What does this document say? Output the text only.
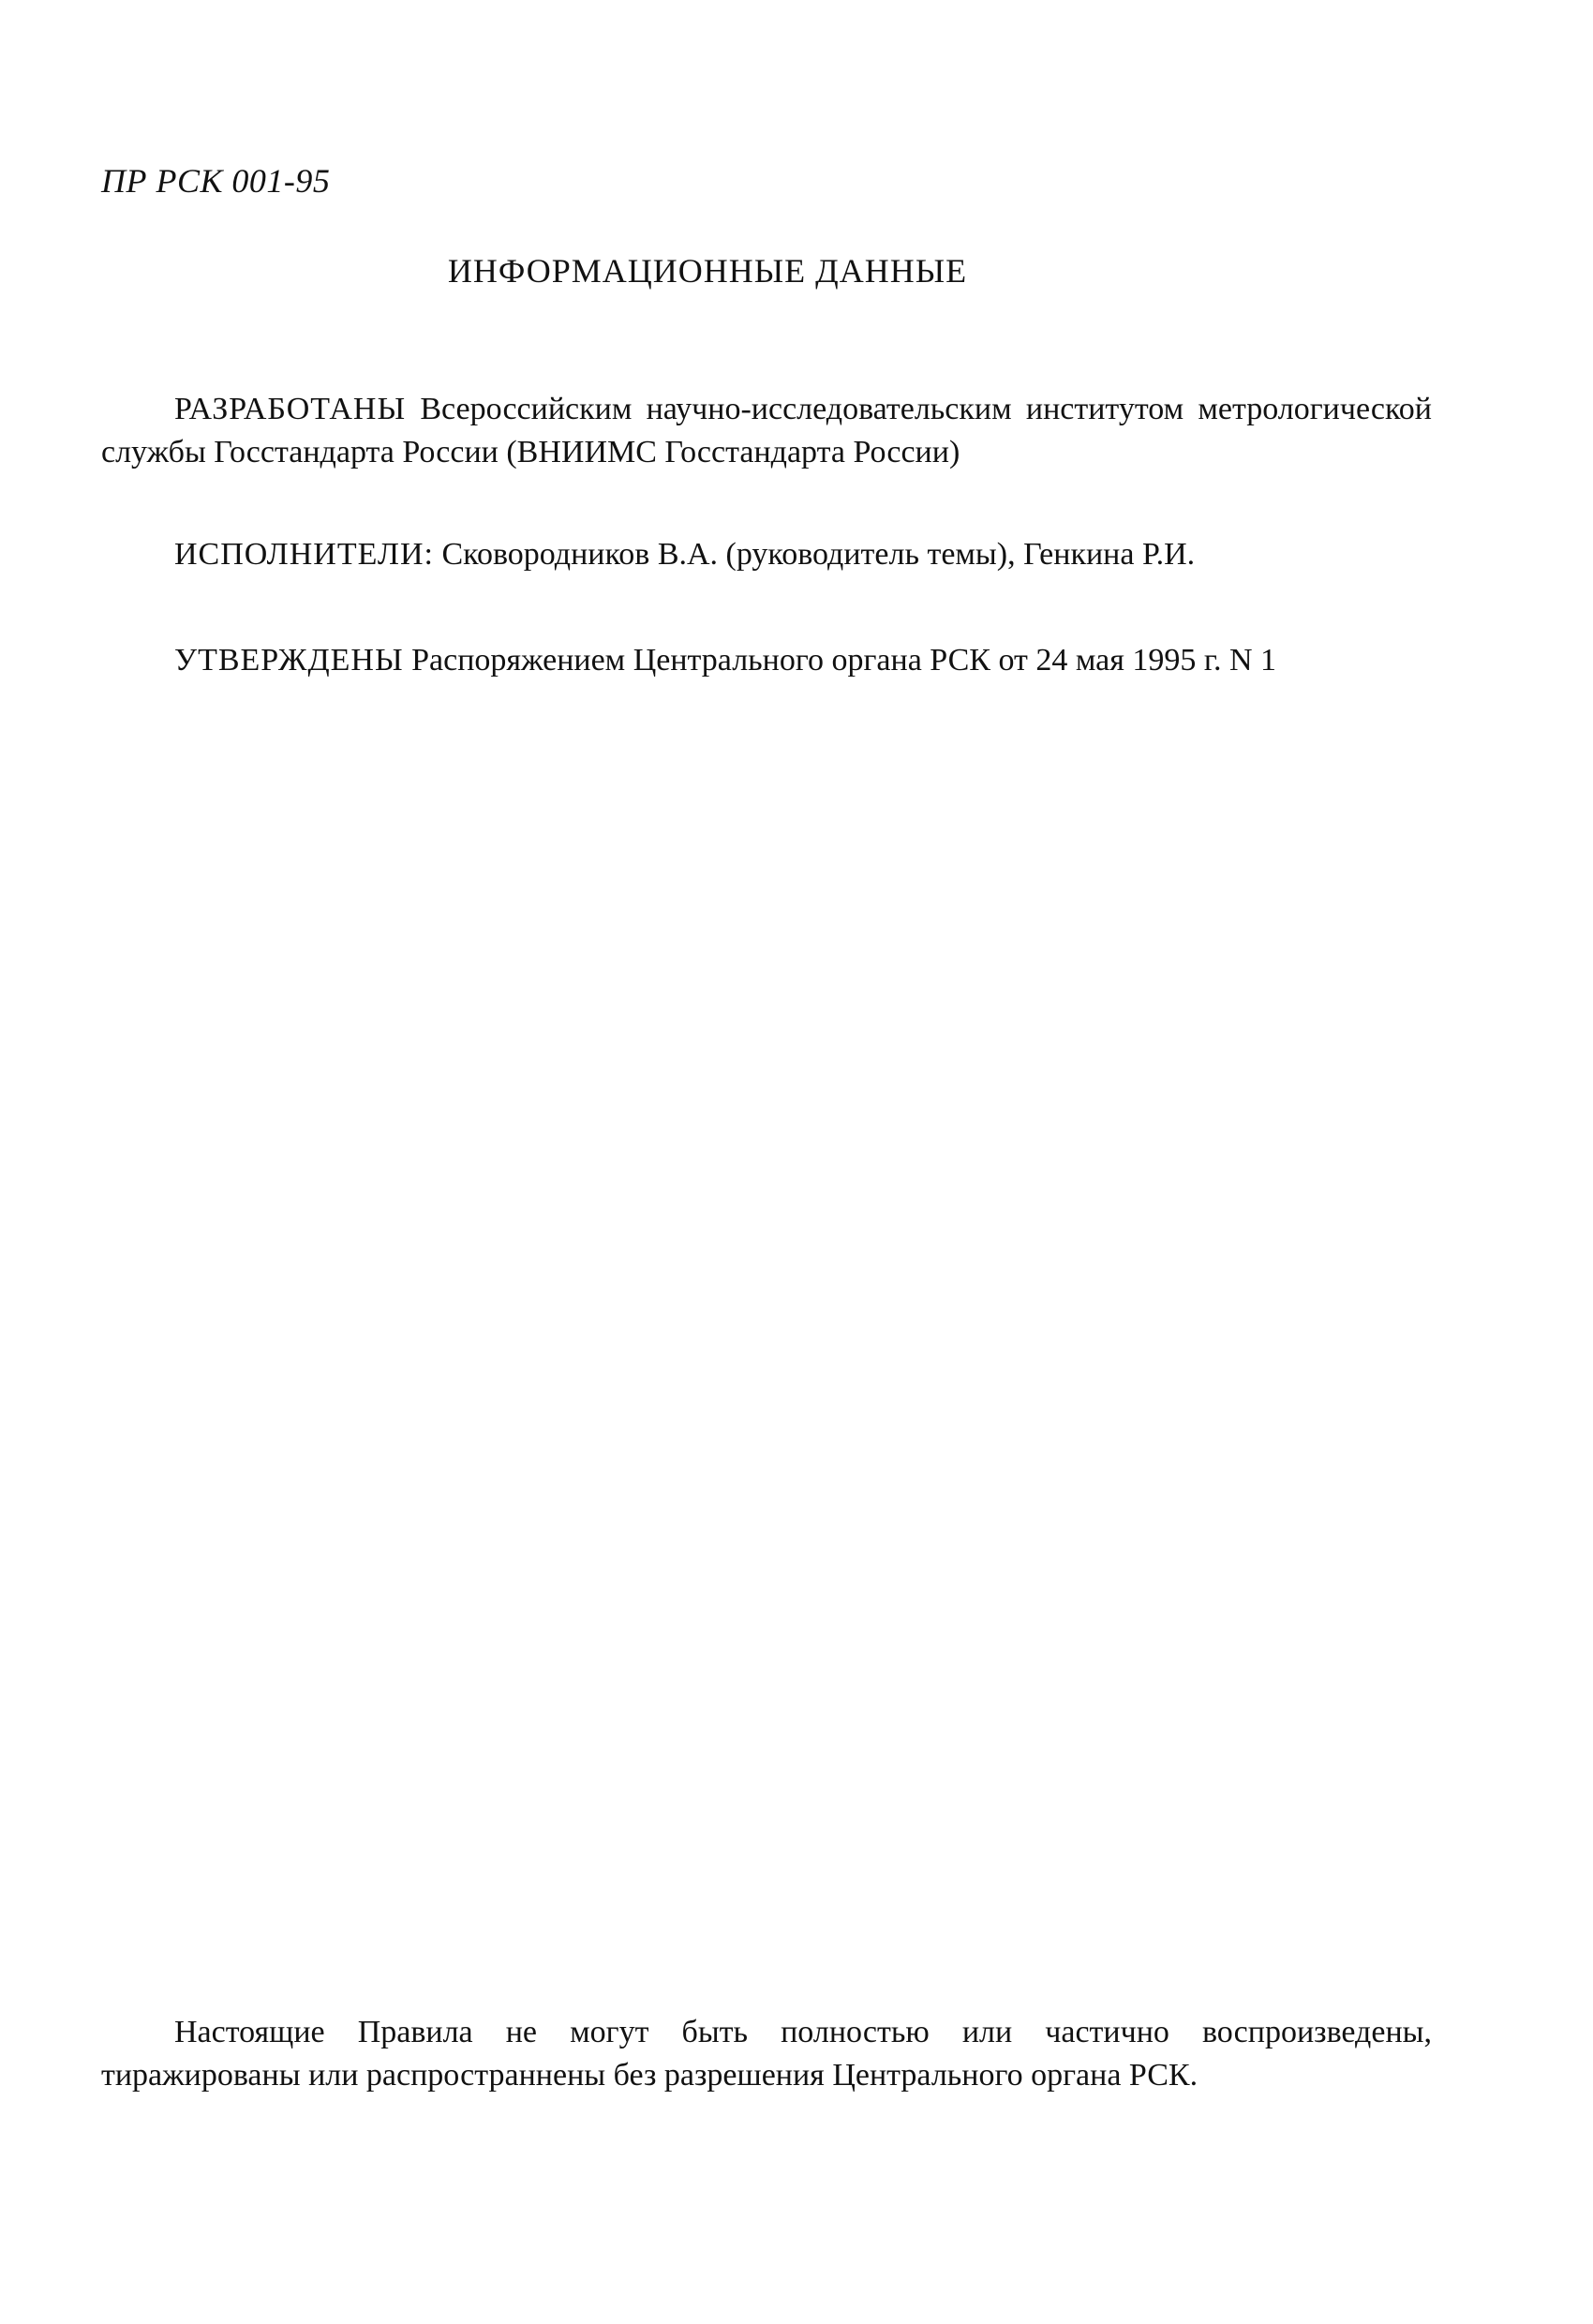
ПР РСК 001-95
ИНФОРМАЦИОННЫЕ ДАННЫЕ

РАЗРАБОТАНЫ Всероссийским научно-исследовательским институтом метрологической службы Госстандарта России (ВНИИМС Госстандарта России)

ИСПОЛНИТЕЛИ: Сковородников В.А. (руководитель темы), Генкина Р.И.

УТВЕРЖДЕНЫ Распоряжением Центрального органа РСК от 24 мая 1995 г. N 1

Настоящие Правила не могут быть полностью или частично воспроизведены, тиражированы или распространнены без разрешения Центрального органа РСК.
